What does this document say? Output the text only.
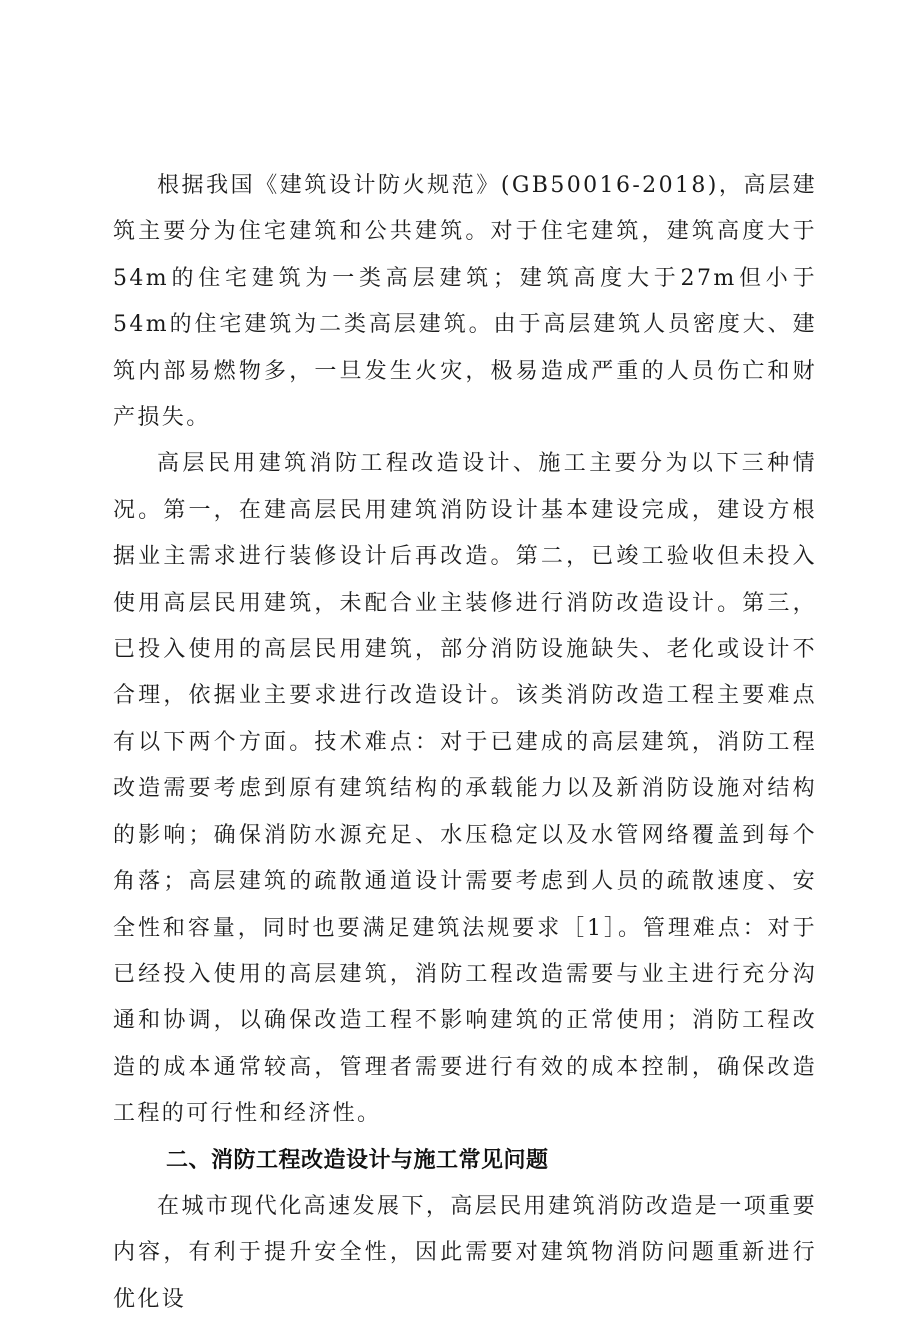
根据我国《建筑设计防火规范》(GB50016-2018)，高层建筑主要分为住宅建筑和公共建筑。对于住宅建筑，建筑高度大于54m的住宅建筑为一类高层建筑；建筑高度大于27m但小于54m的住宅建筑为二类高层建筑。由于高层建筑人员密度大、建筑内部易燃物多，一旦发生火灾，极易造成严重的人员伤亡和财产损失。

高层民用建筑消防工程改造设计、施工主要分为以下三种情况。第一，在建高层民用建筑消防设计基本建设完成，建设方根据业主需求进行装修设计后再改造。第二，已竣工验收但未投入使用高层民用建筑，未配合业主装修进行消防改造设计。第三，已投入使用的高层民用建筑，部分消防设施缺失、老化或设计不合理，依据业主要求进行改造设计。该类消防改造工程主要难点有以下两个方面。技术难点：对于已建成的高层建筑，消防工程改造需要考虑到原有建筑结构的承载能力以及新消防设施对结构的影响；确保消防水源充足、水压稳定以及水管网络覆盖到每个角落；高层建筑的疏散通道设计需要考虑到人员的疏散速度、安全性和容量，同时也要满足建筑法规要求［1］。管理难点：对于已经投入使用的高层建筑，消防工程改造需要与业主进行充分沟通和协调，以确保改造工程不影响建筑的正常使用；消防工程改造的成本通常较高，管理者需要进行有效的成本控制，确保改造工程的可行性和经济性。

二、消防工程改造设计与施工常见问题

在城市现代化高速发展下，高层民用建筑消防改造是一项重要内容，有利于提升安全性，因此需要对建筑物消防问题重新进行优化设
